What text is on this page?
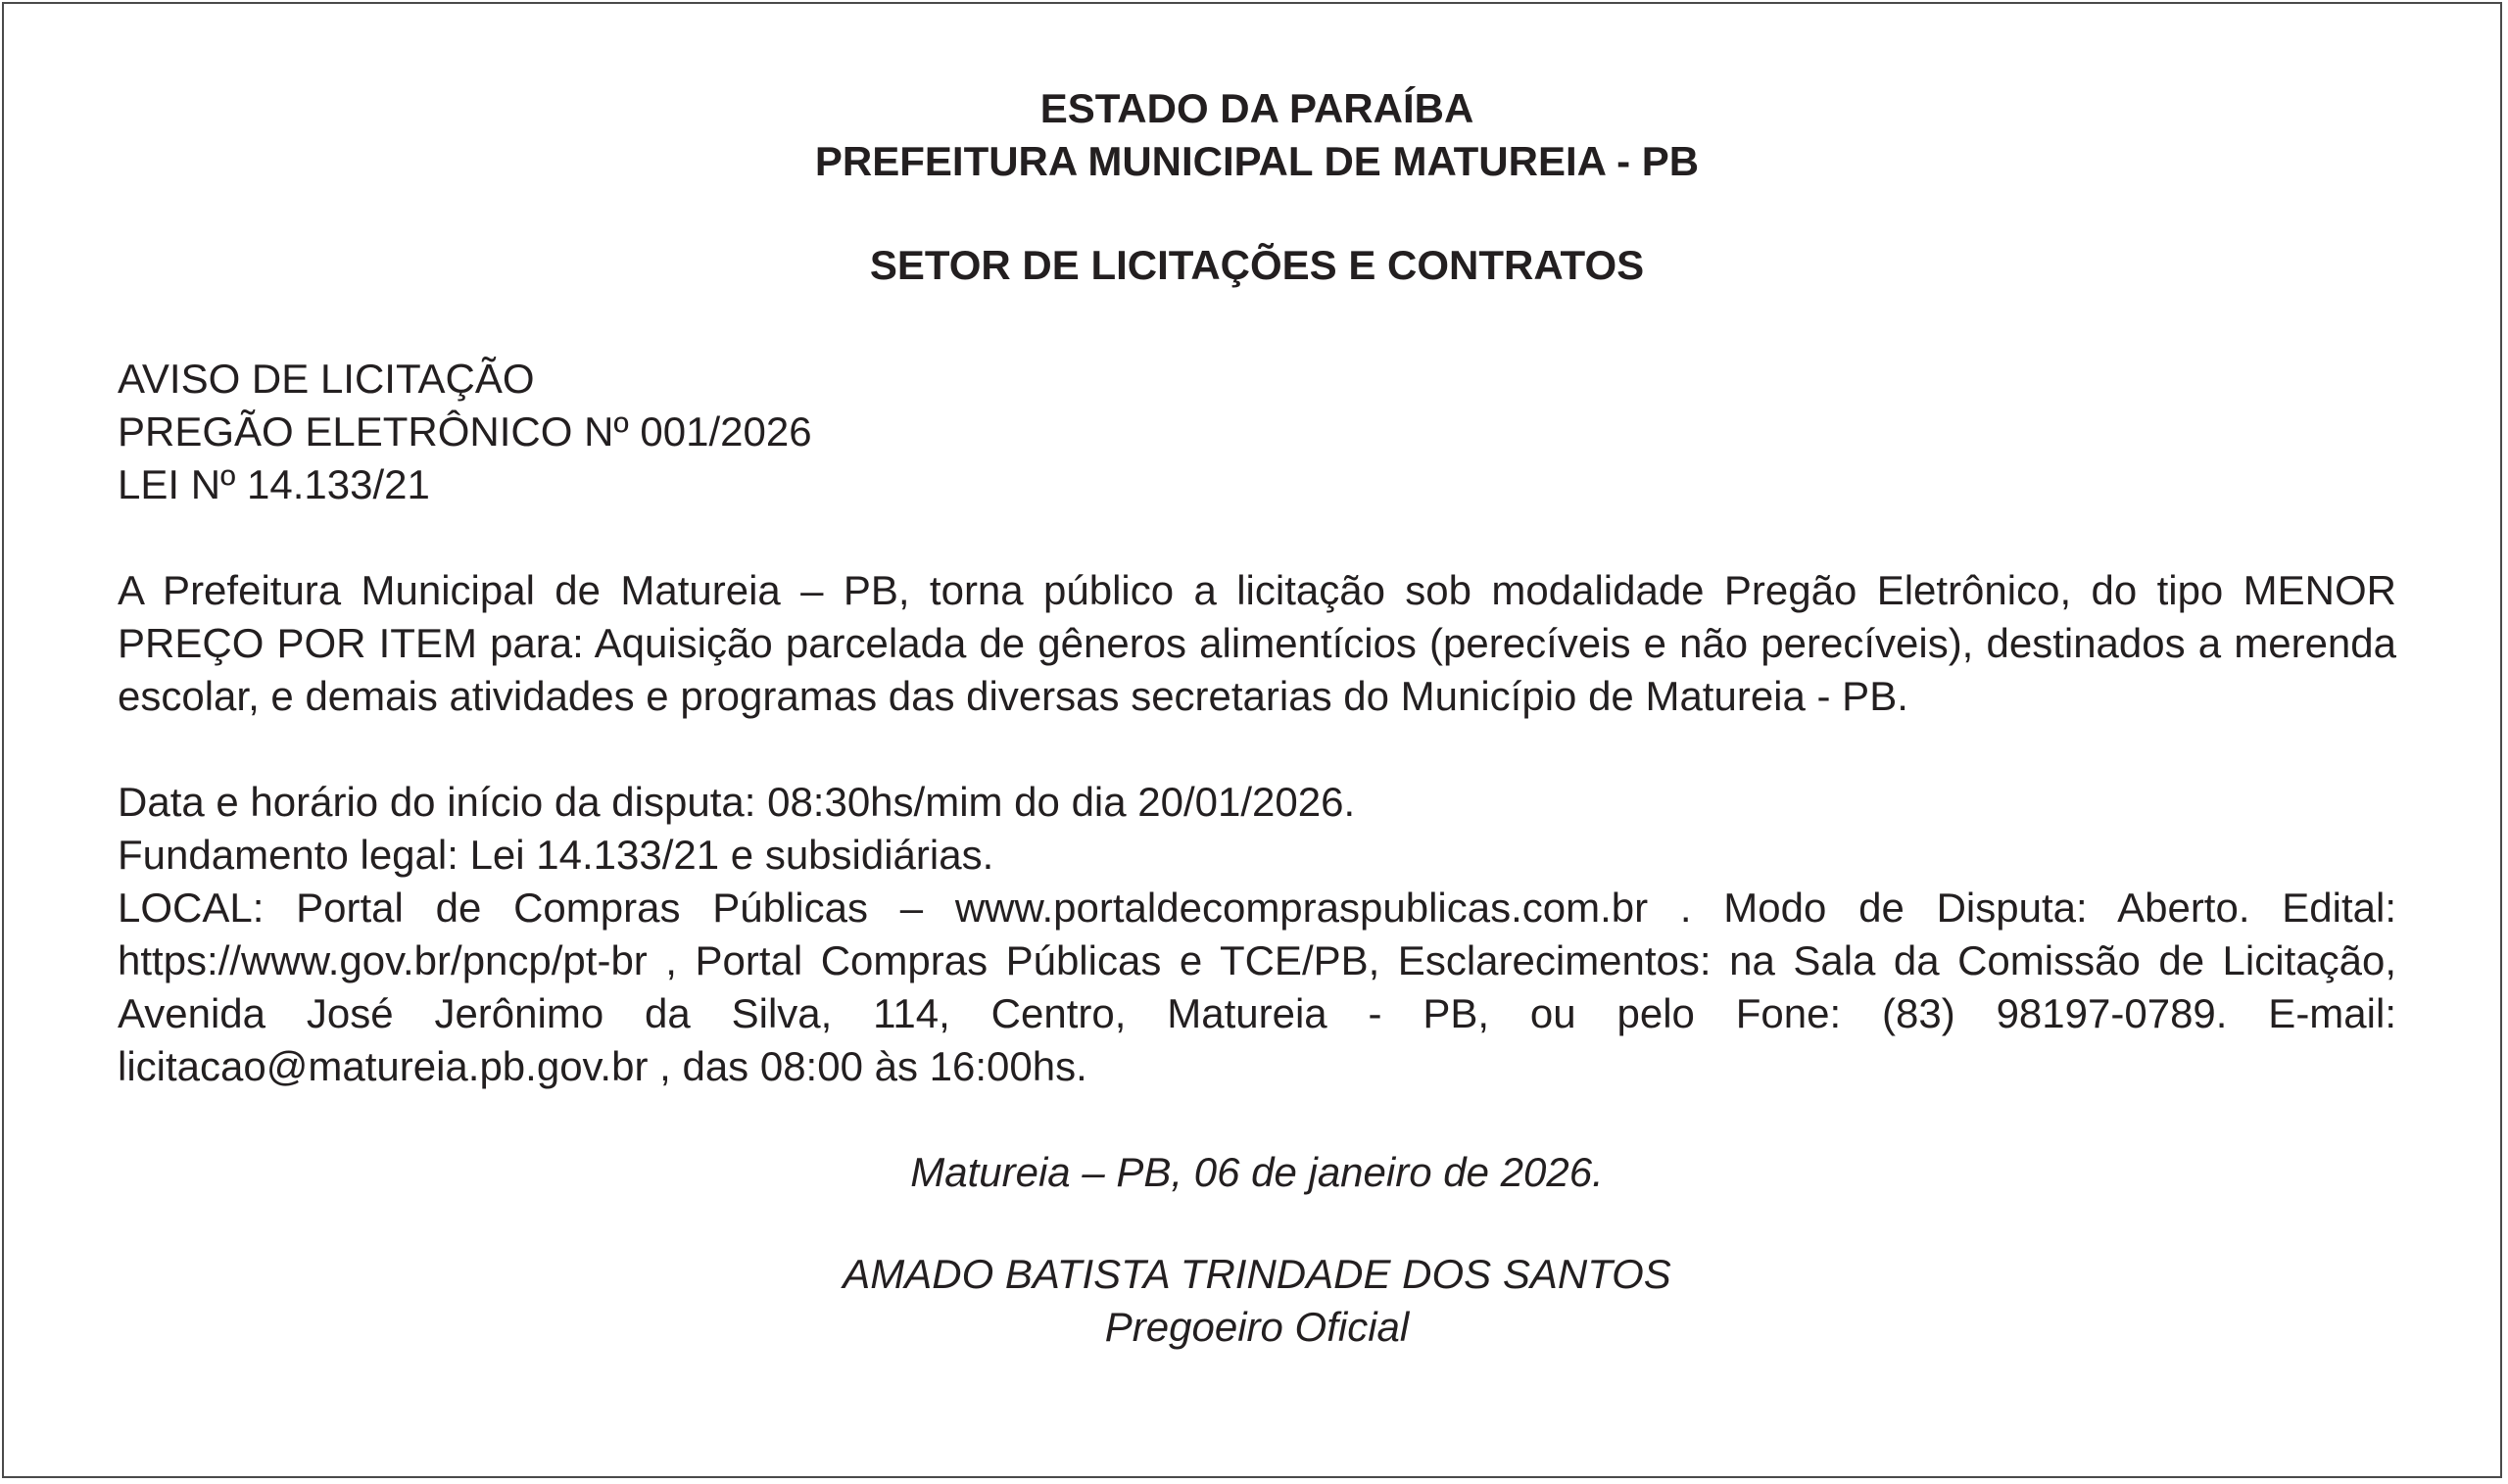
ESTADO DA PARAÍBA
PREFEITURA MUNICIPAL DE MATUREIA - PB
SETOR DE LICITAÇÕES E CONTRATOS
AVISO DE LICITAÇÃO
PREGÃO ELETRÔNICO Nº 001/2026
LEI Nº 14.133/21
A Prefeitura Municipal de Matureia – PB, torna público a licitação sob modalidade Pregão Eletrônico, do tipo MENOR PREÇO POR ITEM para: Aquisição parcelada de gêneros alimentícios (perecíveis e não perecíveis), destinados a merenda escolar, e demais atividades e programas das diversas secretarias do Município de Matureia - PB.
Data e horário do início da disputa: 08:30hs/mim do dia 20/01/2026.
Fundamento legal: Lei 14.133/21 e subsidiárias.
LOCAL: Portal de Compras Públicas – www.portaldecompraspublicas.com.br . Modo de Disputa: Aberto. Edital: https://www.gov.br/pncp/pt-br , Portal Compras Públicas e TCE/PB, Esclarecimentos: na Sala da Comissão de Licitação, Avenida José Jerônimo da Silva, 114, Centro, Matureia - PB, ou pelo Fone: (83) 98197-0789. E-mail: licitacao@matureia.pb.gov.br , das 08:00 às 16:00hs.
Matureia – PB, 06 de janeiro de 2026.
AMADO BATISTA TRINDADE DOS SANTOS
Pregoeiro Oficial
